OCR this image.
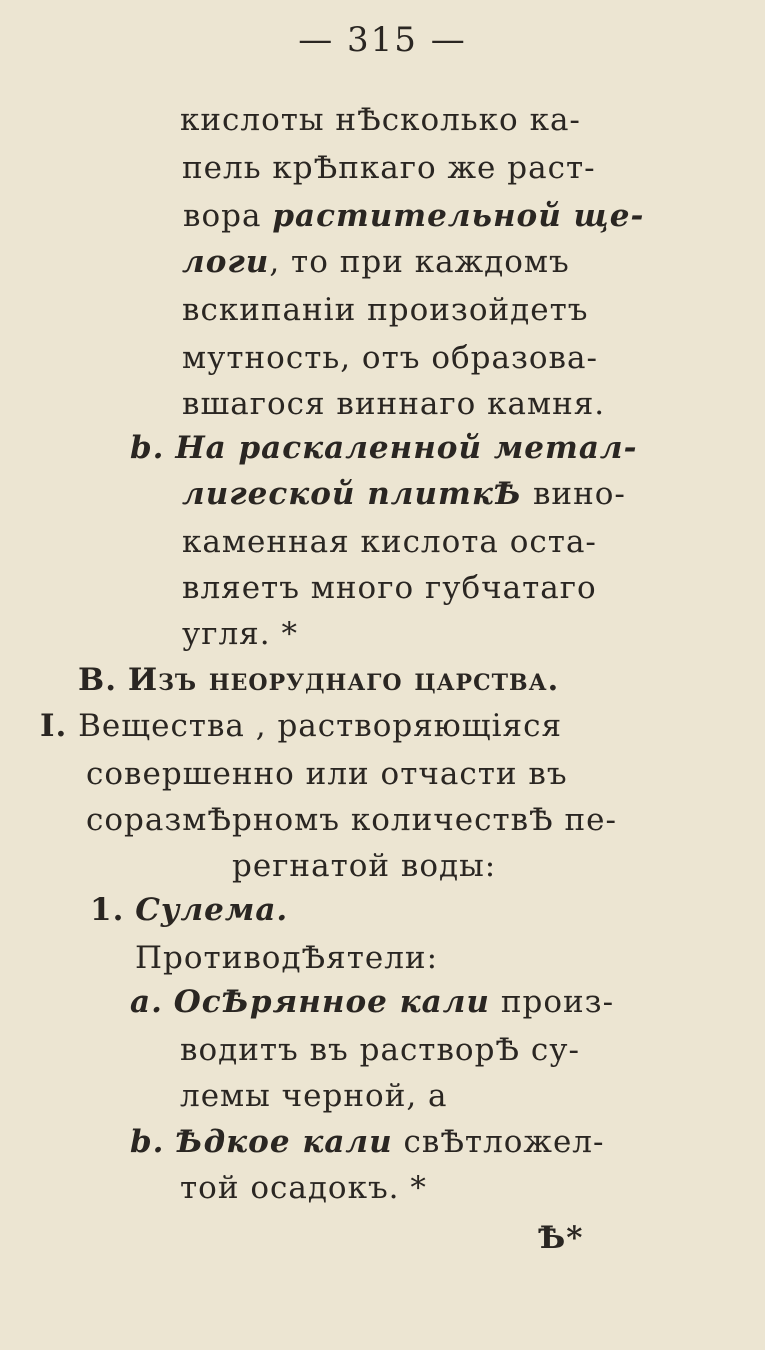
— 315 —
кислоты нѢсколько ка-
пель крѢпкаго же раст-
вора растительной ще-
логи, то при каждомъ
вскипаніи произойдетъ
мутность, отъ образова-
вшагося виннаго камня.
b. На раскаленной метал-
лигеской плиткѢ вино-
каменная кислота оста-
вляетъ много губчатаго
угля. *
В. Изъ неоруднаго царства.
I. Вещества , растворяющіяся
совершенно или отчасти въ
соразмѢрномъ количествѢ пе-
регнатой воды:
1. Сулема.
ПротиводѢятели:
a. ОсѢрянное кали произ-
водитъ въ растворѢ су-
лемы черной, а
b. Ѣдкое кали свѢтложел-
той осадокъ. *
Ѣ*
